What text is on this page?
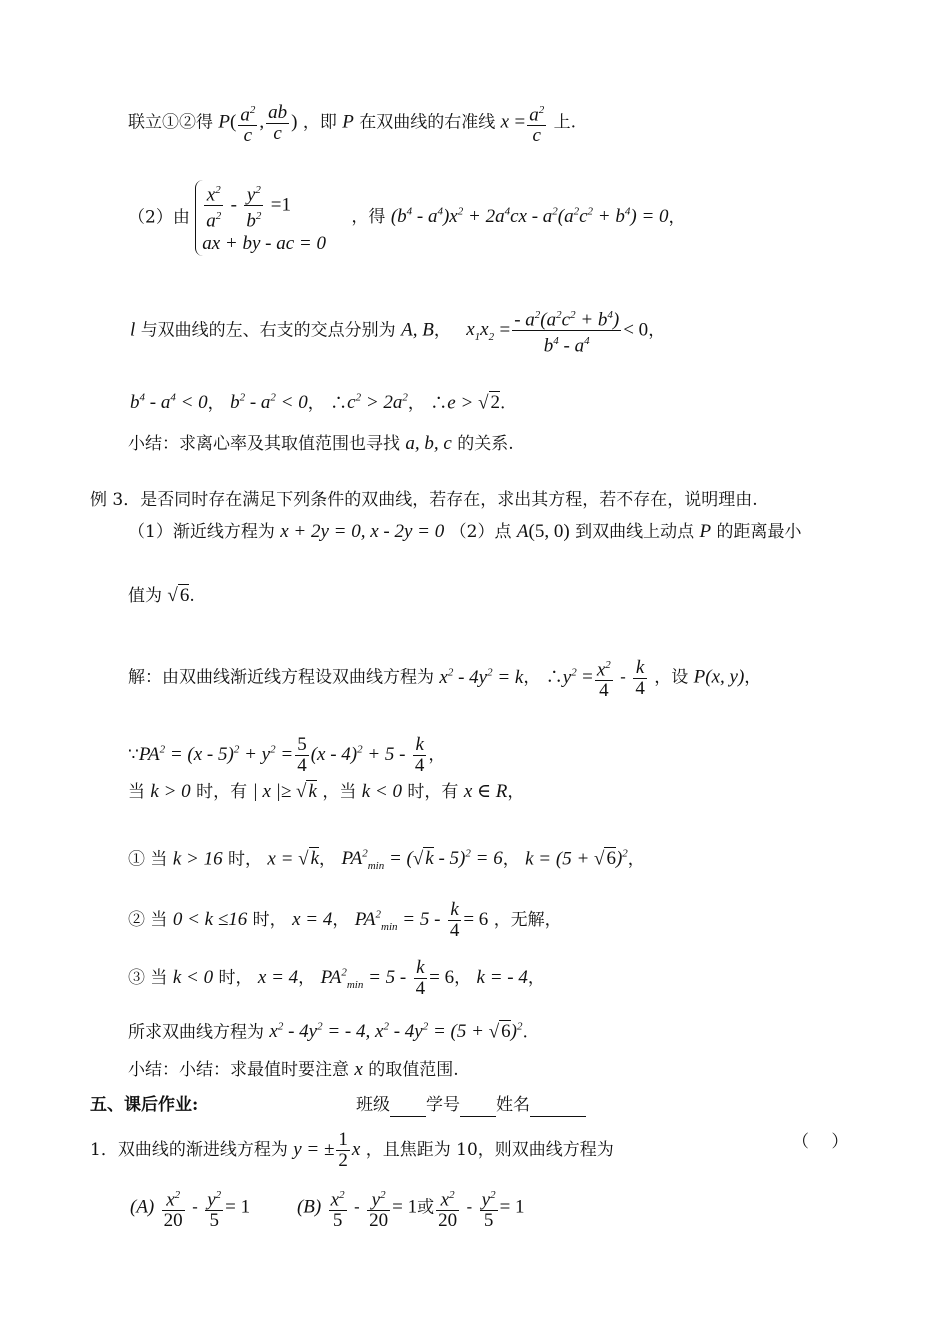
联立①②得 $P( \frac{a^2}{c}$ , $\frac{ab}{c}$ ) ，即 P 在双曲线的右准线 $x = \frac{a^2}{c}$ 上.
（2）由 $\frac{x^2}{a^2} - \frac{y^2}{b^2} =1$
ax + by - ac = 0
，得 $(b^4 - a^4)x^2 + 2a^4cx - a^2(a^2c^2 + b^4) = 0$，
l 与双曲线的左、右支的交点分别为 A, B， $x_1x_2 = \frac{- a^2(a^2c^2 + b^4)}{b^4 - a^4} < 0$，
$b^4 - a^4 < 0$， $b^2 - a^2 < 0$， $\therefore c^2 > 2a^2$， ∴e > √ 2.
小结：求离心率及其取值范围也寻找 a, b, c 的关系.
例 3．是否同时存在满足下列条件的双曲线，若存在，求出其方程，若不存在，说明理由.
（1）渐近线方程为 x + 2y = 0, x - 2y = 0 （2）点 A(5, 0) 到双曲线上动点 P 的距离最小
值为 √ 6.
解：由双曲线渐近线方程设双曲线方程为 $x^2 - 4y^2 = k$， $\therefore y^2 = \frac{x^2}{4} - \frac{k}{4}$ ，设 P(x, y)，
$\because PA^2 = (x - 5)^2 + y^2 = \frac{5}{4} (x - 4)^2 + 5 - \frac{k}{4}$ ，
当 k > 0 时，有 | x |≥ √ k ，当 k < 0 时，有 x ∈ R，
① 当 k > 16 时， x = √ k， $PA^2_{min}$ = (√ k - 5)$^2$ = 6， k = (5 + √ 6)$^2$，
② 当 0 < k ≤16 时， x = 4， $PA^2_{min} = 5 - \frac{k}{4} = 6$ ，无解，
③ 当 k < 0 时， x = 4， $PA^2_{min} = 5 - \frac{k}{4} = 6$， k = - 4，
所求双曲线方程为 $x^2 - 4y^2$ = - 4, $x^2 - 4y^2 = (5$ + √ 6)$^2$.
小结：小结：求最值时要注意 x 的取值范围.
五、课后作业:	班级 学号 姓名
1．双曲线的渐进线方程为 y = ± $\frac{1}{2}$ x ，且焦距为 10，则双曲线方程为	（　 ）
$(A) \frac{x^2}{20} - \frac{y^2}{5} = 1$ $(B) \frac{x^2}{5} - \frac{y^2}{20} = 1$或 $\frac{x^2}{20} - \frac{y^2}{5} = 1$
